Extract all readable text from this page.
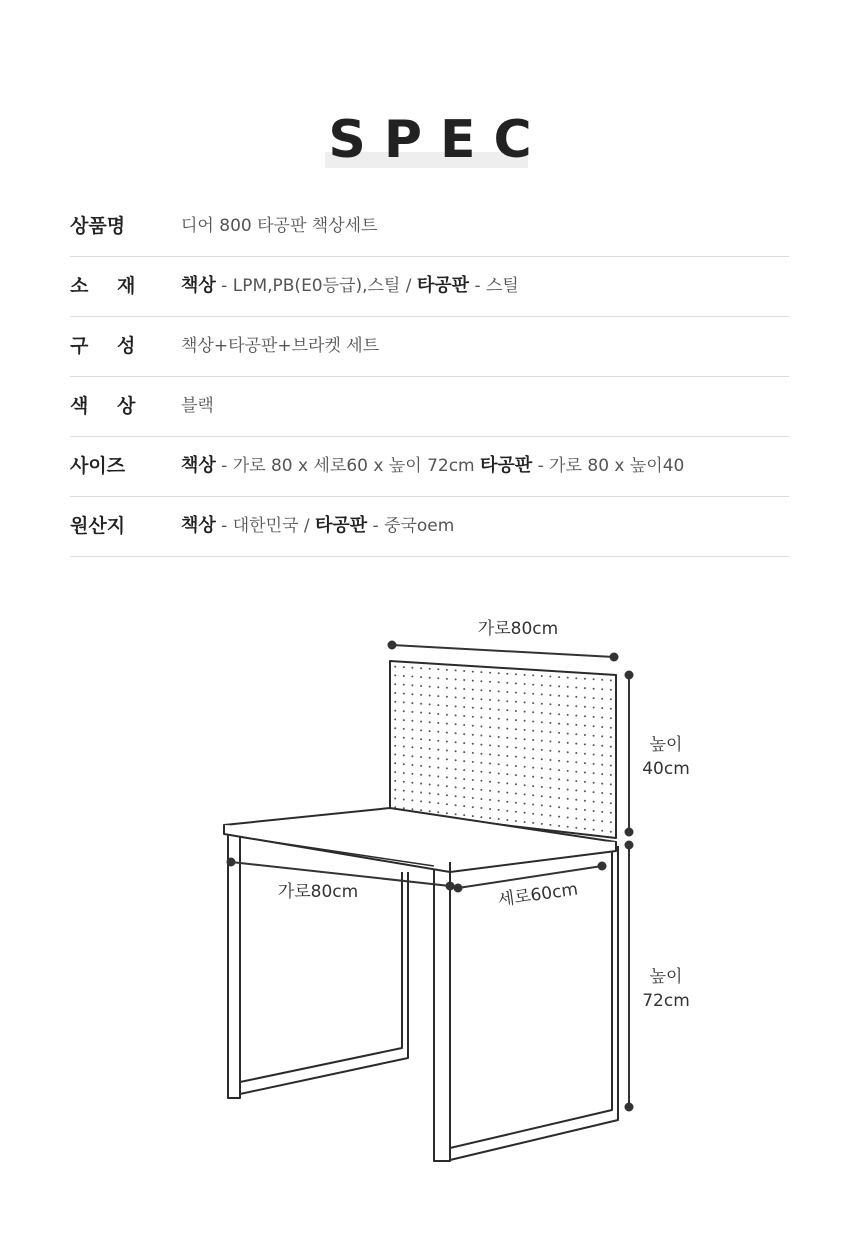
SPEC
상품명	디어 800 타공판 책상세트
소 재	책상 - LPM,PB(E0등급),스틸 / 타공판 - 스틸
구 성	책상+타공판+브라켓 세트
색 상	블랙
사이즈	책상 - 가로 80 x 세로60 x 높이 72cm 타공판 - 가로 80 x 높이40
원산지	책상 - 대한민국 / 타공판 - 중국oem
가로80cm
높이
40cm
가로80cm	세로60cm
높이
72cm
